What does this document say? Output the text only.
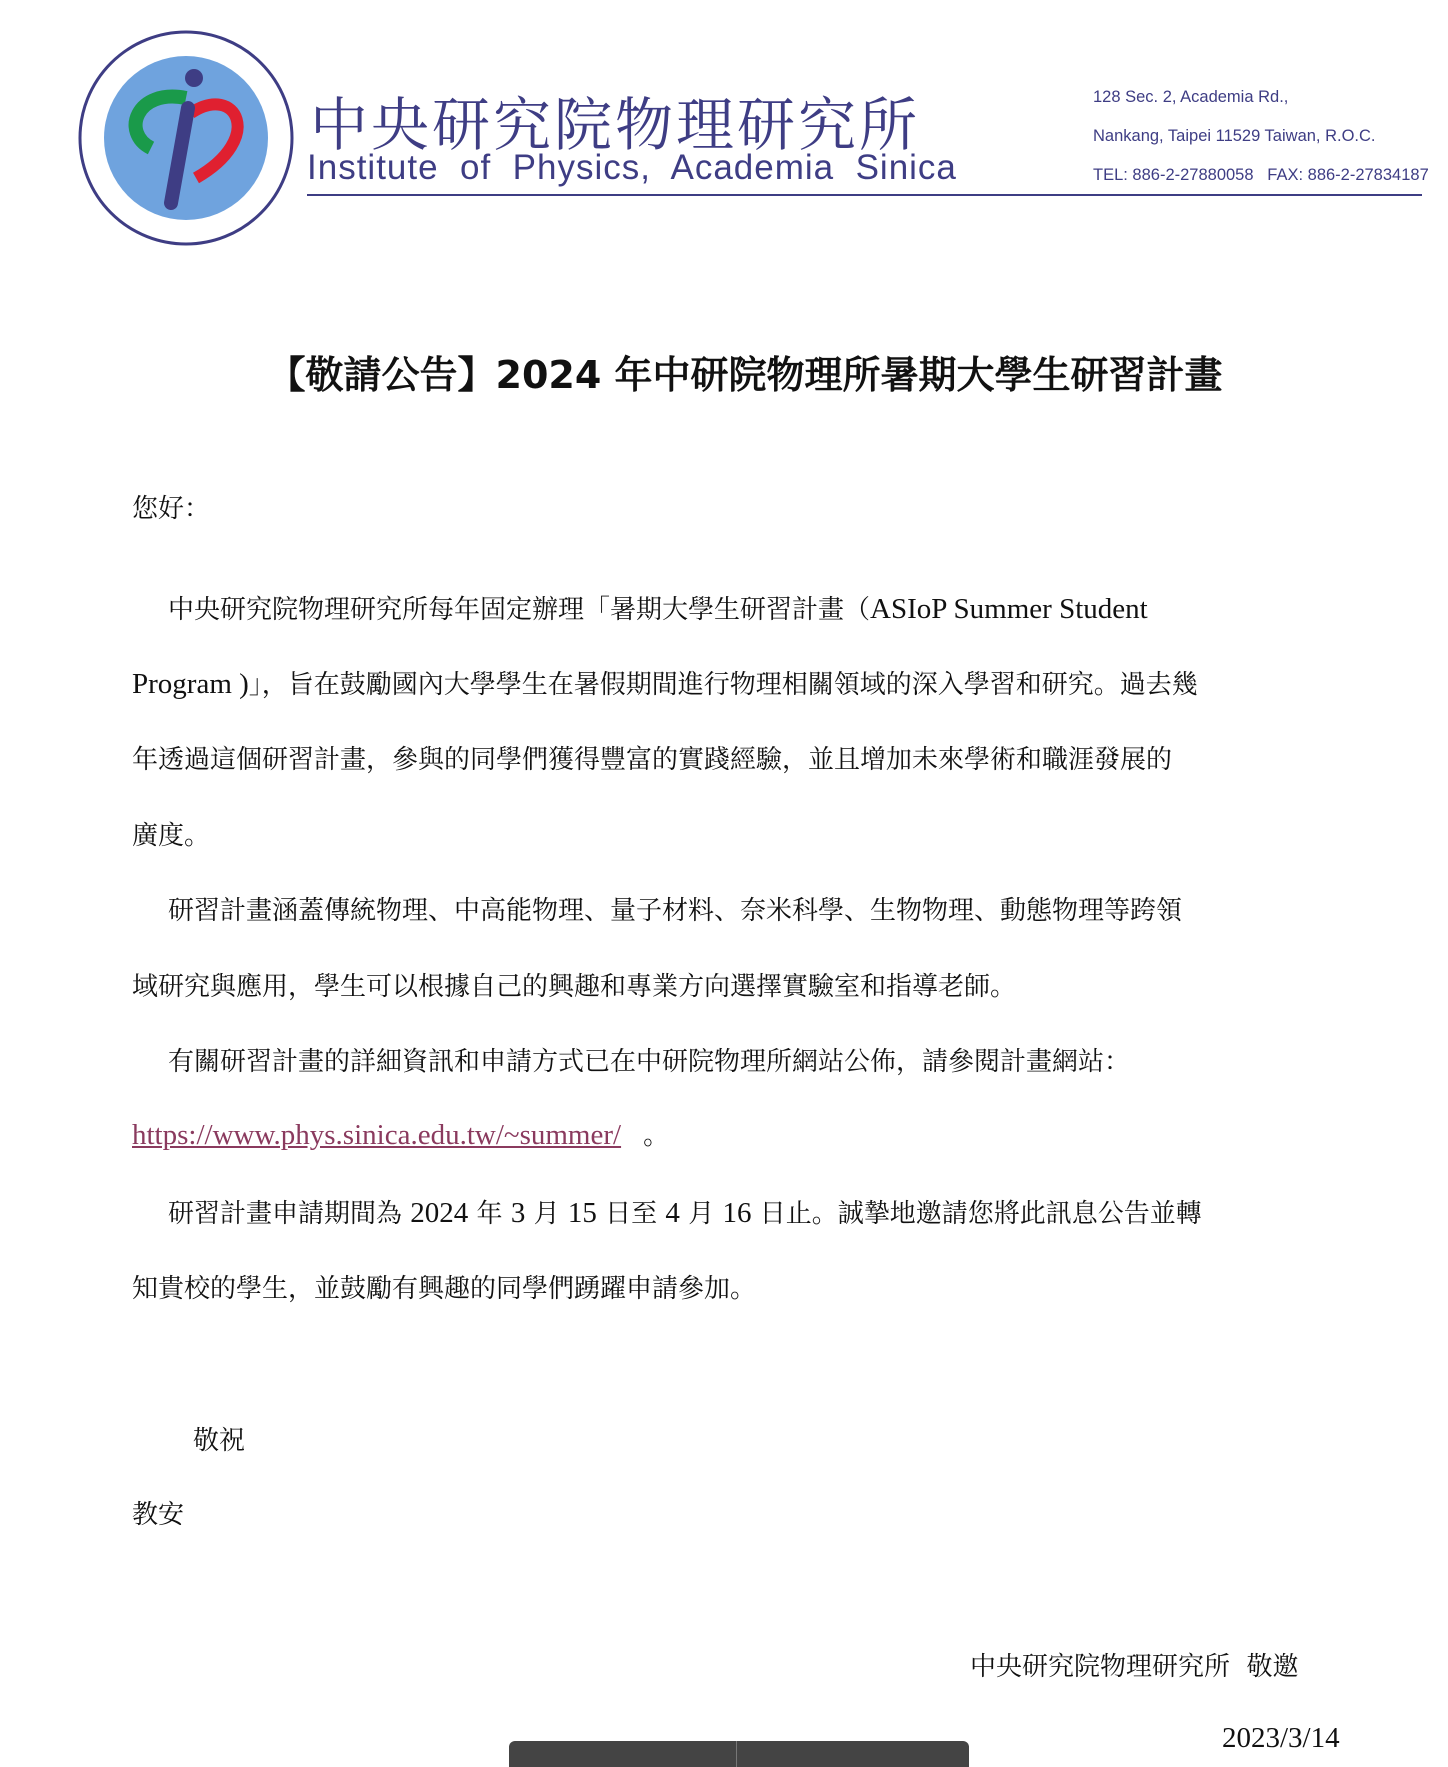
中央研究院物理研究所
Institute  of  Physics,  Academia  Sinica
128 Sec. 2, Academia Rd.,
Nankang, Taipei 11529 Taiwan, R.O.C.
TEL: 886-2-27880058   FAX: 886-2-27834187
【敬請公告】2024 年中研院物理所暑期大學生研習計畫
您好：
中央研究院物理研究所每年固定辦理「暑期大學生研習計畫（ASIoP Summer Student
Program )」，旨在鼓勵國內大學學生在暑假期間進行物理相關領域的深入學習和研究。過去幾
年透過這個研習計畫，參與的同學們獲得豐富的實踐經驗，並且增加未來學術和職涯發展的
廣度。
研習計畫涵蓋傳統物理、中高能物理、量子材料、奈米科學、生物物理、動態物理等跨領
域研究與應用，學生可以根據自己的興趣和專業方向選擇實驗室和指導老師。
有關研習計畫的詳細資訊和申請方式已在中研院物理所網站公佈，請參閱計畫網站：
https://www.phys.sinica.edu.tw/~summer/ 。
研習計畫申請期間為 2024 年 3 月 15 日至 4 月 16 日止。誠摯地邀請您將此訊息公告並轉
知貴校的學生，並鼓勵有興趣的同學們踴躍申請參加。
敬祝
教安
中央研究院物理研究所  敬邀
2023/3/14
